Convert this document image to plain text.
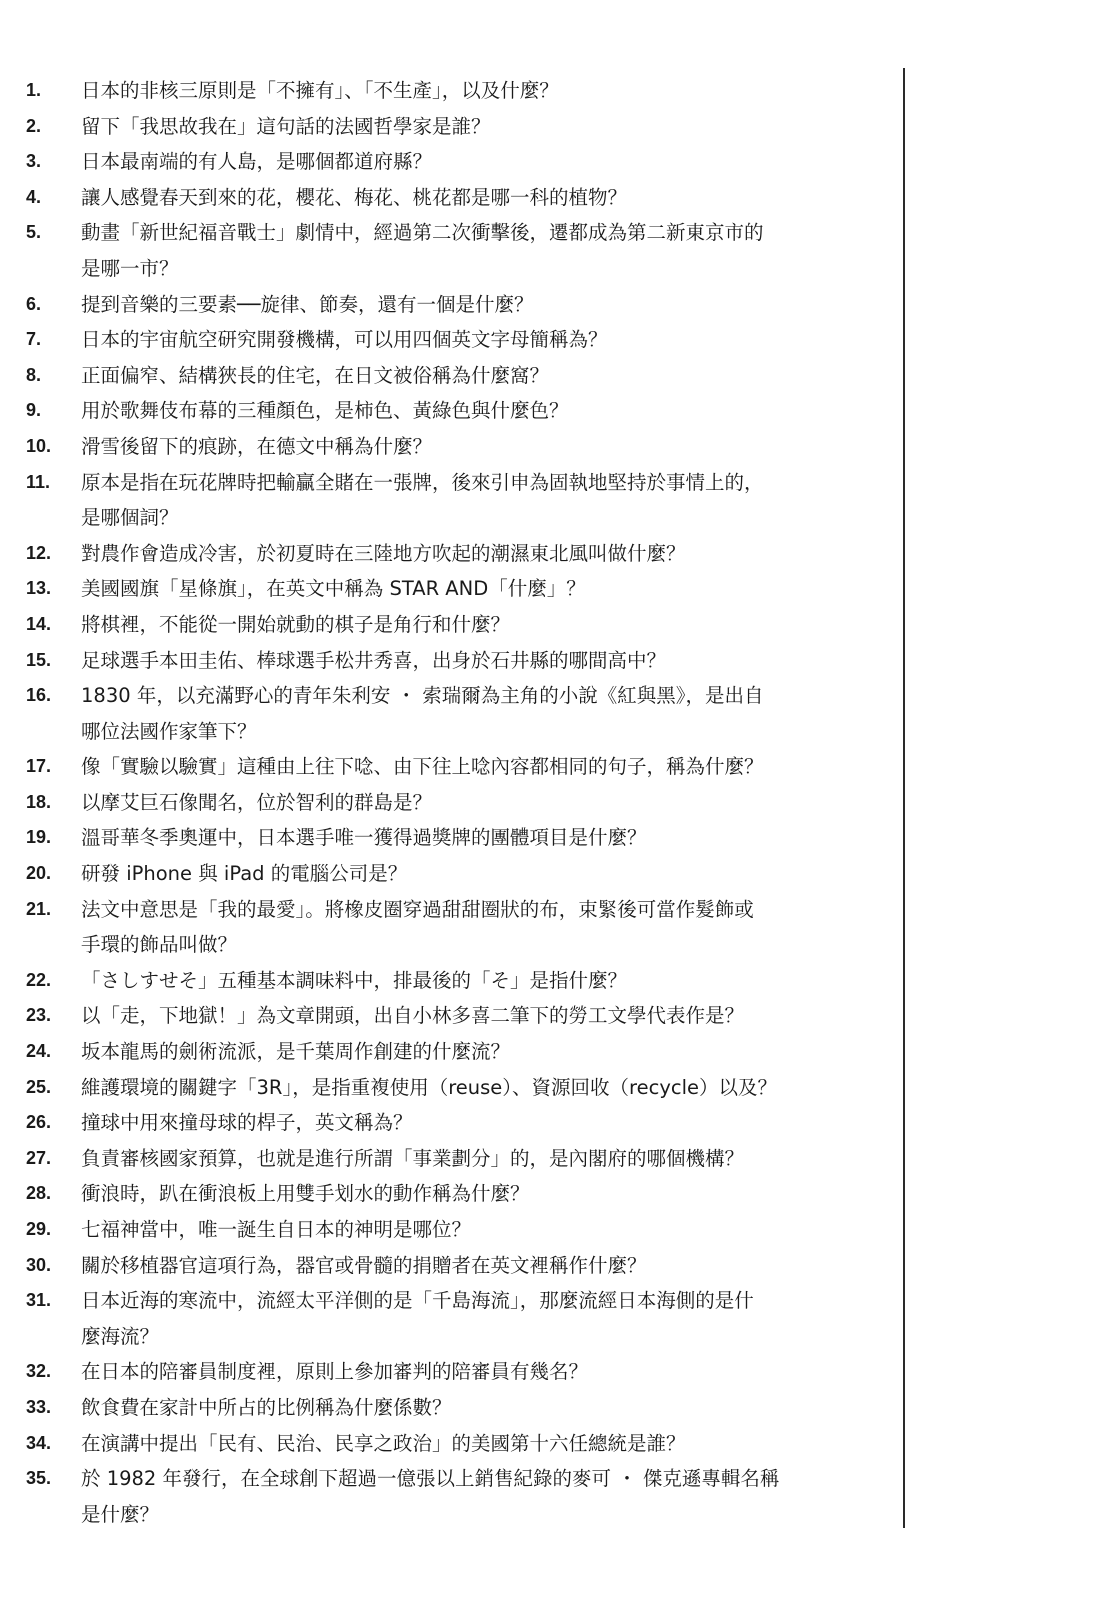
1.	日本的非核三原則是「不擁有」、「不生產」，以及什麼？
2.	留下「我思故我在」這句話的法國哲學家是誰？
3.	日本最南端的有人島，是哪個都道府縣？
4.	讓人感覺春天到來的花，櫻花、梅花、桃花都是哪一科的植物？
5.	動畫「新世紀福音戰士」劇情中，經過第二次衝擊後，遷都成為第二新東京市的
是哪一市？
6.	提到音樂的三要素──旋律、節奏，還有一個是什麼？
7.	日本的宇宙航空研究開發機構，可以用四個英文字母簡稱為？
8.	正面偏窄、結構狹長的住宅，在日文被俗稱為什麼窩？
9.	用於歌舞伎布幕的三種顏色，是柿色、黃綠色與什麼色？
10.	滑雪後留下的痕跡，在德文中稱為什麼？
11.	原本是指在玩花牌時把輸贏全賭在一張牌，後來引申為固執地堅持於事情上的，
是哪個詞？
12.	對農作會造成冷害，於初夏時在三陸地方吹起的潮濕東北風叫做什麼？
13.	美國國旗「星條旗」，在英文中稱為 STAR AND「什麼」？
14.	將棋裡，不能從一開始就動的棋子是角行和什麼？
15.	足球選手本田圭佑、棒球選手松井秀喜，出身於石井縣的哪間高中？
16.	1830 年，以充滿野心的青年朱利安 ・ 索瑞爾為主角的小說《紅與黑》，是出自
哪位法國作家筆下？
17.	像「實驗以驗實」這種由上往下唸、由下往上唸內容都相同的句子，稱為什麼？
18.	以摩艾巨石像聞名，位於智利的群島是？
19.	溫哥華冬季奧運中，日本選手唯一獲得過獎牌的團體項目是什麼？
20.	研發 iPhone 與 iPad 的電腦公司是？
21.	法文中意思是「我的最愛」。將橡皮圈穿過甜甜圈狀的布，束緊後可當作髮飾或
手環的飾品叫做？
22.	「さしすせそ」五種基本調味料中，排最後的「そ」是指什麼？
23.	以「走，下地獄！」為文章開頭，出自小林多喜二筆下的勞工文學代表作是？
24.	坂本龍馬的劍術流派，是千葉周作創建的什麼流？
25.	維護環境的關鍵字「3R」，是指重複使用（reuse）、資源回收（recycle）以及？
26.	撞球中用來撞母球的桿子，英文稱為？
27.	負責審核國家預算，也就是進行所謂「事業劃分」的，是內閣府的哪個機構？
28.	衝浪時，趴在衝浪板上用雙手划水的動作稱為什麼？
29.	七福神當中，唯一誕生自日本的神明是哪位？
30.	關於移植器官這項行為，器官或骨髓的捐贈者在英文裡稱作什麼？
31.	日本近海的寒流中，流經太平洋側的是「千島海流」，那麼流經日本海側的是什
麼海流？
32.	在日本的陪審員制度裡，原則上參加審判的陪審員有幾名？
33.	飲食費在家計中所占的比例稱為什麼係數？
34.	在演講中提出「民有、民治、民享之政治」的美國第十六任總統是誰？
35.	於 1982 年發行，在全球創下超過一億張以上銷售紀錄的麥可 ・ 傑克遜專輯名稱
是什麼？
